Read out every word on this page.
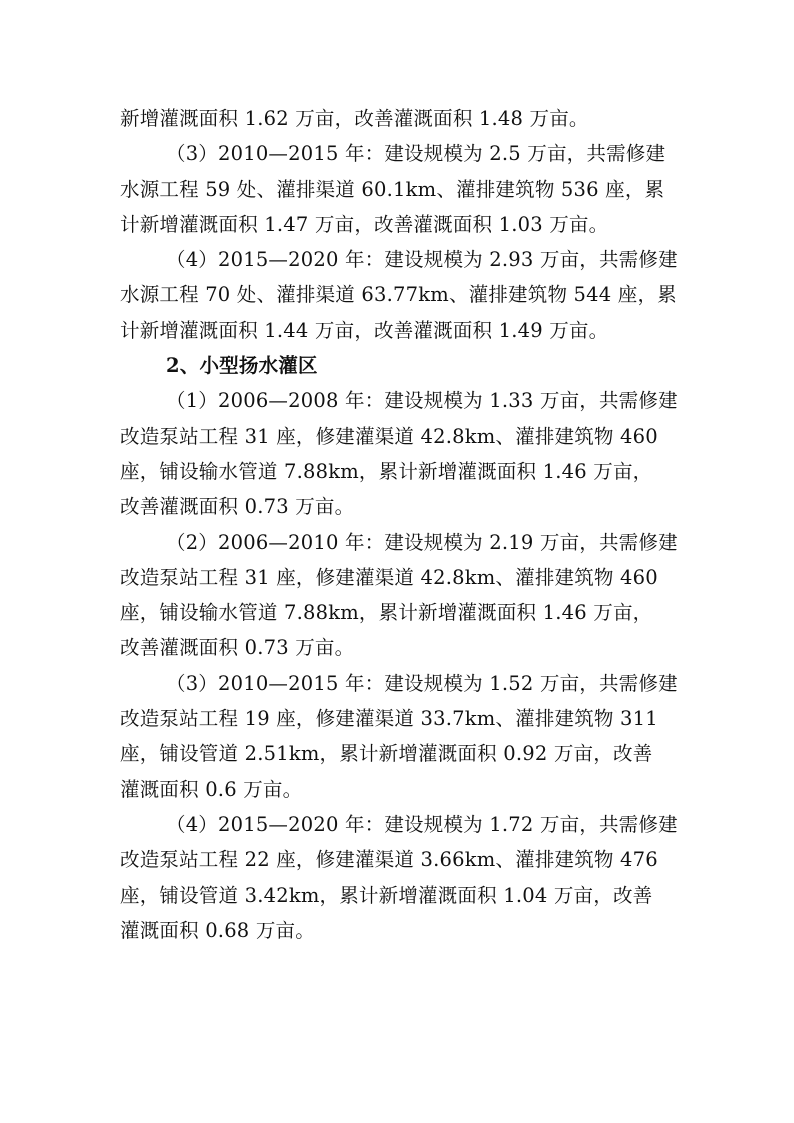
新增灌溉面积 1.62 万亩，改善灌溉面积 1.48 万亩。
（3）2010—2015 年：建设规模为 2.5 万亩，共需修建
水源工程 59 处、灌排渠道 60.1km、灌排建筑物 536 座，累
计新增灌溉面积 1.47 万亩，改善灌溉面积 1.03 万亩。
（4）2015—2020 年：建设规模为 2.93 万亩，共需修建
水源工程 70 处、灌排渠道 63.77km、灌排建筑物 544 座，累
计新增灌溉面积 1.44 万亩，改善灌溉面积 1.49 万亩。
2、小型扬水灌区
（1）2006—2008 年：建设规模为 1.33 万亩，共需修建
改造泵站工程 31 座，修建灌渠道 42.8km、灌排建筑物 460
座，铺设输水管道 7.88km，累计新增灌溉面积 1.46 万亩，
改善灌溉面积 0.73 万亩。
（2）2006—2010 年：建设规模为 2.19 万亩，共需修建
改造泵站工程 31 座，修建灌渠道 42.8km、灌排建筑物 460
座，铺设输水管道 7.88km，累计新增灌溉面积 1.46 万亩，
改善灌溉面积 0.73 万亩。
（3）2010—2015 年：建设规模为 1.52 万亩，共需修建
改造泵站工程 19 座，修建灌渠道 33.7km、灌排建筑物 311
座，铺设管道 2.51km，累计新增灌溉面积 0.92 万亩，改善
灌溉面积 0.6 万亩。
（4）2015—2020 年：建设规模为 1.72 万亩，共需修建
改造泵站工程 22 座，修建灌渠道 3.66km、灌排建筑物 476
座，铺设管道 3.42km，累计新增灌溉面积 1.04 万亩，改善
灌溉面积 0.68 万亩。
